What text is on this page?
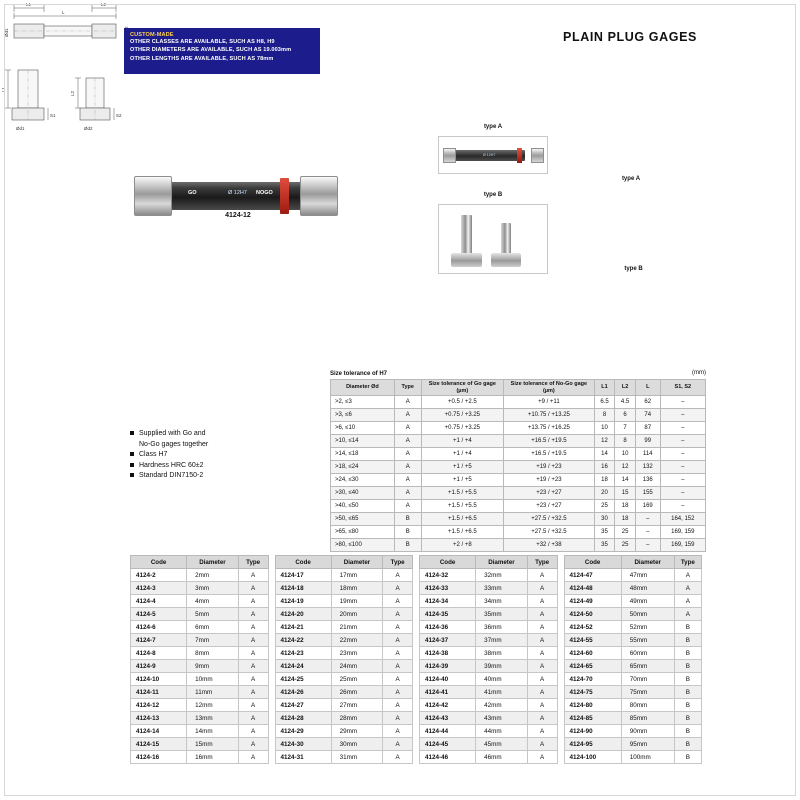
CUSTOM-MADE
OTHER CLASSES ARE AVAILABLE, SUCH AS H8, H9
OTHER DIAMETERS ARE AVAILABLE, SUCH AS 19.003mm
OTHER LENGTHS ARE AVAILABLE, SUCH AS 78mm
PLAIN PLUG GAGES
GO	Ø 12H7 NOGO
4124-12
type A
Ø 12H7
type B
L1
L
L2
Ød1
type A
L1
Ød1
S1
L2
Ød2
S2
type B
Supplied with Go and
No-Go gages together
Class H7
Hardness HRC 60±2
Standard DIN7150-2
Size tolerance of H7	(mm)
Diameter Ød	Type	Size tolerance of Go gage (µm)	Size tolerance of No-Go gage (µm)	L1	L2	L	S1, S2
>2, ≤3	A	+0.5 / +2.5	+9 / +11	6.5	4.5	62	–
>3, ≤6	A	+0.75 / +3.25	+10.75 / +13.25	8	6	74	–
>6, ≤10	A	+0.75 / +3.25	+13.75 / +16.25	10	7	87	–
>10, ≤14	A	+1 / +4	+16.5 / +19.5	12	8	99	–
>14, ≤18	A	+1 / +4	+16.5 / +19.5	14	10	114	–
>18, ≤24	A	+1 / +5	+19 / +23	16	12	132	–
>24, ≤30	A	+1 / +5	+19 / +23	18	14	136	–
>30, ≤40	A	+1.5 / +5.5	+23 / +27	20	15	155	–
>40, ≤50	A	+1.5 / +5.5	+23 / +27	25	18	169	–
>50, ≤65	B	+1.5 / +6.5	+27.5 / +32.5	30	18	–	164, 152
>65, ≤80	B	+1.5 / +6.5	+27.5 / +32.5	35	25	–	169, 159
>80, ≤100	B	+2 / +8	+32 / +38	35	25	–	169, 159
Code	Diameter	Type
4124-2	2mm	A
4124-3	3mm	A
4124-4	4mm	A
4124-5	5mm	A
4124-6	6mm	A
4124-7	7mm	A
4124-8	8mm	A
4124-9	9mm	A
4124-10	10mm	A
4124-11	11mm	A
4124-12	12mm	A
4124-13	13mm	A
4124-14	14mm	A
4124-15	15mm	A
4124-16	16mm	A
Code	Diameter	Type
4124-17	17mm	A
4124-18	18mm	A
4124-19	19mm	A
4124-20	20mm	A
4124-21	21mm	A
4124-22	22mm	A
4124-23	23mm	A
4124-24	24mm	A
4124-25	25mm	A
4124-26	26mm	A
4124-27	27mm	A
4124-28	28mm	A
4124-29	29mm	A
4124-30	30mm	A
4124-31	31mm	A
Code	Diameter	Type
4124-32	32mm	A
4124-33	33mm	A
4124-34	34mm	A
4124-35	35mm	A
4124-36	36mm	A
4124-37	37mm	A
4124-38	38mm	A
4124-39	39mm	A
4124-40	40mm	A
4124-41	41mm	A
4124-42	42mm	A
4124-43	43mm	A
4124-44	44mm	A
4124-45	45mm	A
4124-46	46mm	A
Code	Diameter	Type
4124-47	47mm	A
4124-48	48mm	A
4124-49	49mm	A
4124-50	50mm	A
4124-52	52mm	B
4124-55	55mm	B
4124-60	60mm	B
4124-65	65mm	B
4124-70	70mm	B
4124-75	75mm	B
4124-80	80mm	B
4124-85	85mm	B
4124-90	90mm	B
4124-95	95mm	B
4124-100	100mm	B
